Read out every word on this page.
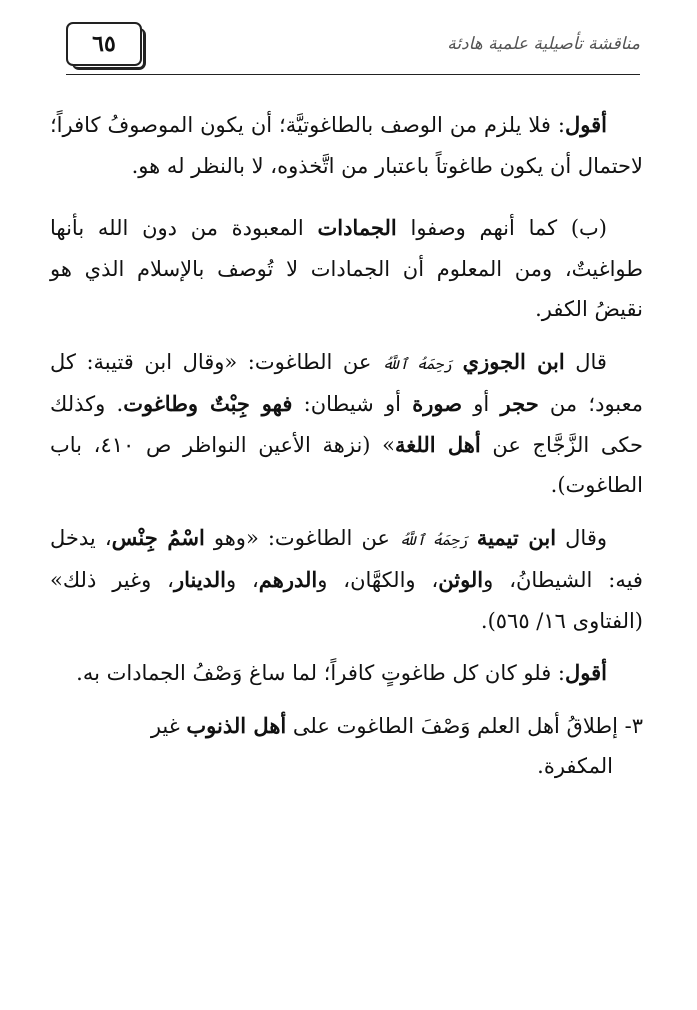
٦٥	مناقشة تأصيلية علمية هادئة

أقول: فلا يلزم من الوصف بالطاغوتيَّة؛ أن يكون الموصوفُ كافراً؛ لاحتمال أن يكون طاغوتاً باعتبار من اتَّخذوه، لا بالنظر له هو.

(ب) كما أنهم وصفوا الجمادات المعبودة من دون الله بأنها طواغيتٌ، ومن المعلوم أن الجمادات لا تُوصف بالإسلام الذي هو نقيضُ الكفر.

قال ابن الجوزي رَحِمَهُ ٱللَّهُ عن الطاغوت: «وقال ابن قتيبة: كل معبود؛ من حجر أو صورة أو شيطان: فهو جِبْتٌ وطاغوت. وكذلك حكى الزَّجَّاج عن أهل اللغة» (نزهة الأعين النواظر ص ٤١٠، باب الطاغوت).

وقال ابن تيمية رَحِمَهُ ٱللَّهُ عن الطاغوت: «وهو اسْمُ جِنْس، يدخل فيه: الشيطانُ، والوثن، والكهَّان، والدرهم، والدينار، وغير ذلك» (الفتاوى ١٦/ ٥٦٥).

أقول: فلو كان كل طاغوتٍ كافراً؛ لما ساغ وَصْفُ الجمادات به.

٣- إطلاقُ أهل العلم وَصْفَ الطاغوت على أهل الذنوب غير
المكفرة.
